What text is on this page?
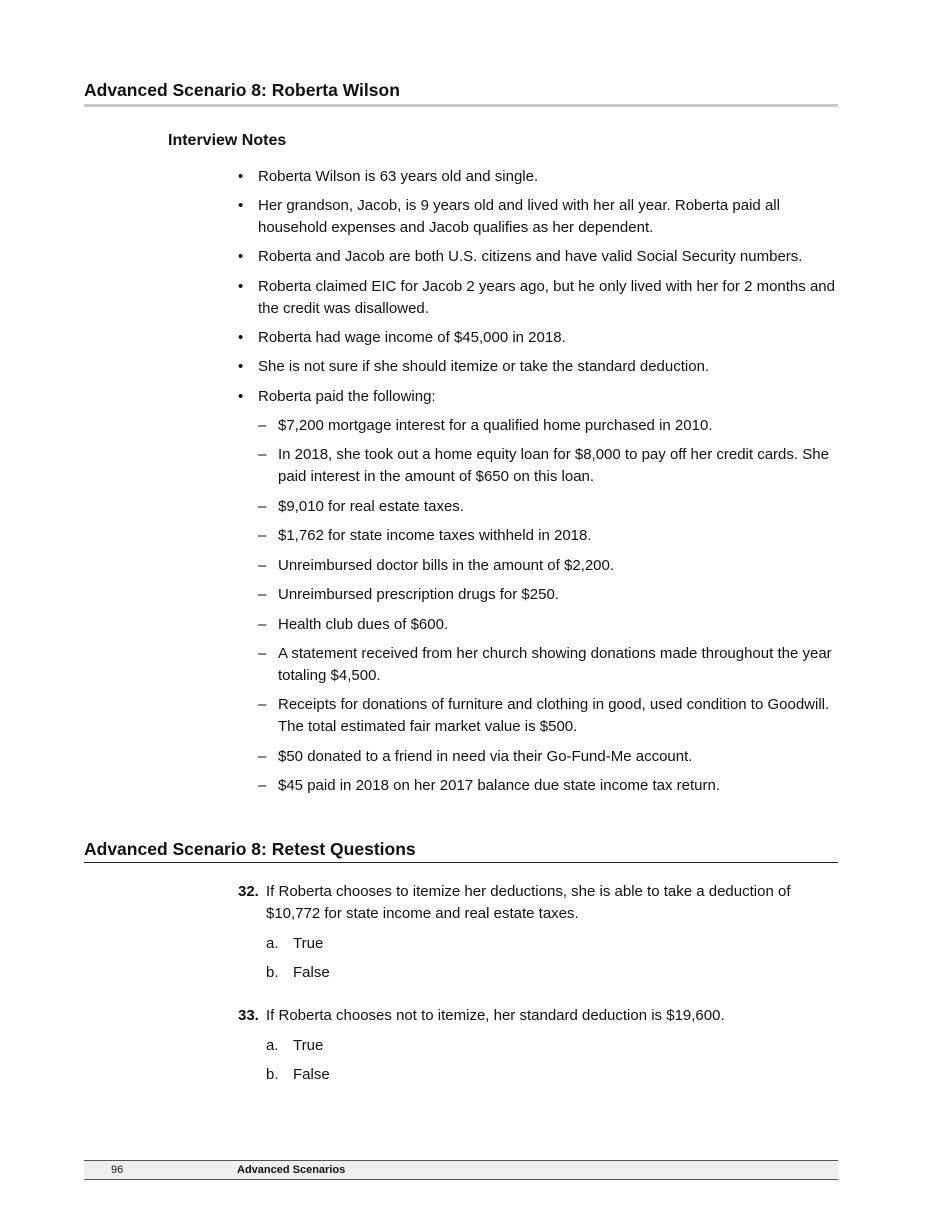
Advanced Scenario 8: Roberta Wilson
Interview Notes
• Roberta Wilson is 63 years old and single.
• Her grandson, Jacob, is 9 years old and lived with her all year. Roberta paid all household expenses and Jacob qualifies as her dependent.
• Roberta and Jacob are both U.S. citizens and have valid Social Security numbers.
• Roberta claimed EIC for Jacob 2 years ago, but he only lived with her for 2 months and the credit was disallowed.
• Roberta had wage income of $45,000 in 2018.
• She is not sure if she should itemize or take the standard deduction.
• Roberta paid the following:
– $7,200 mortgage interest for a qualified home purchased in 2010.
– In 2018, she took out a home equity loan for $8,000 to pay off her credit cards. She paid interest in the amount of $650 on this loan.
– $9,010 for real estate taxes.
– $1,762 for state income taxes withheld in 2018.
– Unreimbursed doctor bills in the amount of $2,200.
– Unreimbursed prescription drugs for $250.
– Health club dues of $600.
– A statement received from her church showing donations made throughout the year totaling $4,500.
– Receipts for donations of furniture and clothing in good, used condition to Goodwill. The total estimated fair market value is $500.
– $50 donated to a friend in need via their Go-Fund-Me account.
– $45 paid in 2018 on her 2017 balance due state income tax return.
Advanced Scenario 8: Retest Questions
32. If Roberta chooses to itemize her deductions, she is able to take a deduction of $10,772 for state income and real estate taxes.
a. True
b. False
33. If Roberta chooses not to itemize, her standard deduction is $19,600.
a. True
b. False
96	Advanced Scenarios
